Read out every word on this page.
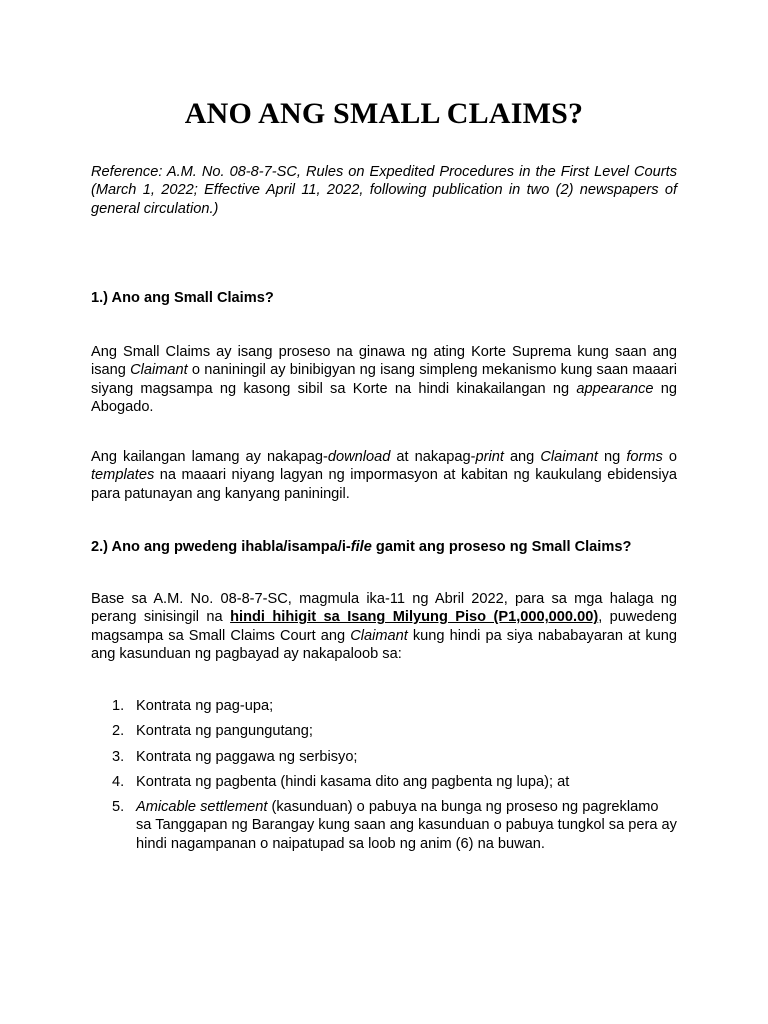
ANO ANG SMALL CLAIMS?

Reference: A.M. No. 08-8-7-SC, Rules on Expedited Procedures in the First Level Courts (March 1, 2022; Effective April 11, 2022, following publication in two (2) newspapers of general circulation.)

1.) Ano ang Small Claims?

Ang Small Claims ay isang proseso na ginawa ng ating Korte Suprema kung saan ang isang Claimant o naniningil ay binibigyan ng isang simpleng mekanismo kung saan maaari siyang magsampa ng kasong sibil sa Korte na hindi kinakailangan ng appearance ng Abogado.

Ang kailangan lamang ay nakapag-download at nakapag-print ang Claimant ng forms o templates na maaari niyang lagyan ng impormasyon at kabitan ng kaukulang ebidensiya para patunayan ang kanyang paniningil.

2.) Ano ang pwedeng ihabla/isampa/i-file gamit ang proseso ng Small Claims?

Base sa A.M. No. 08-8-7-SC, magmula ika-11 ng Abril 2022, para sa mga halaga ng perang sinisingil na hindi hihigit sa Isang Milyung Piso (P1,000,000.00), puwedeng magsampa sa Small Claims Court ang Claimant kung hindi pa siya nababayaran at kung ang kasunduan ng pagbayad ay nakapaloob sa:

1. Kontrata ng pag-upa;
2. Kontrata ng pangungutang;
3. Kontrata ng paggawa ng serbisyo;
4. Kontrata ng pagbenta (hindi kasama dito ang pagbenta ng lupa); at
5. Amicable settlement (kasunduan) o pabuya na bunga ng proseso ng pagreklamo sa Tanggapan ng Barangay kung saan ang kasunduan o pabuya tungkol sa pera ay hindi nagampanan o naipatupad sa loob ng anim (6) na buwan.
